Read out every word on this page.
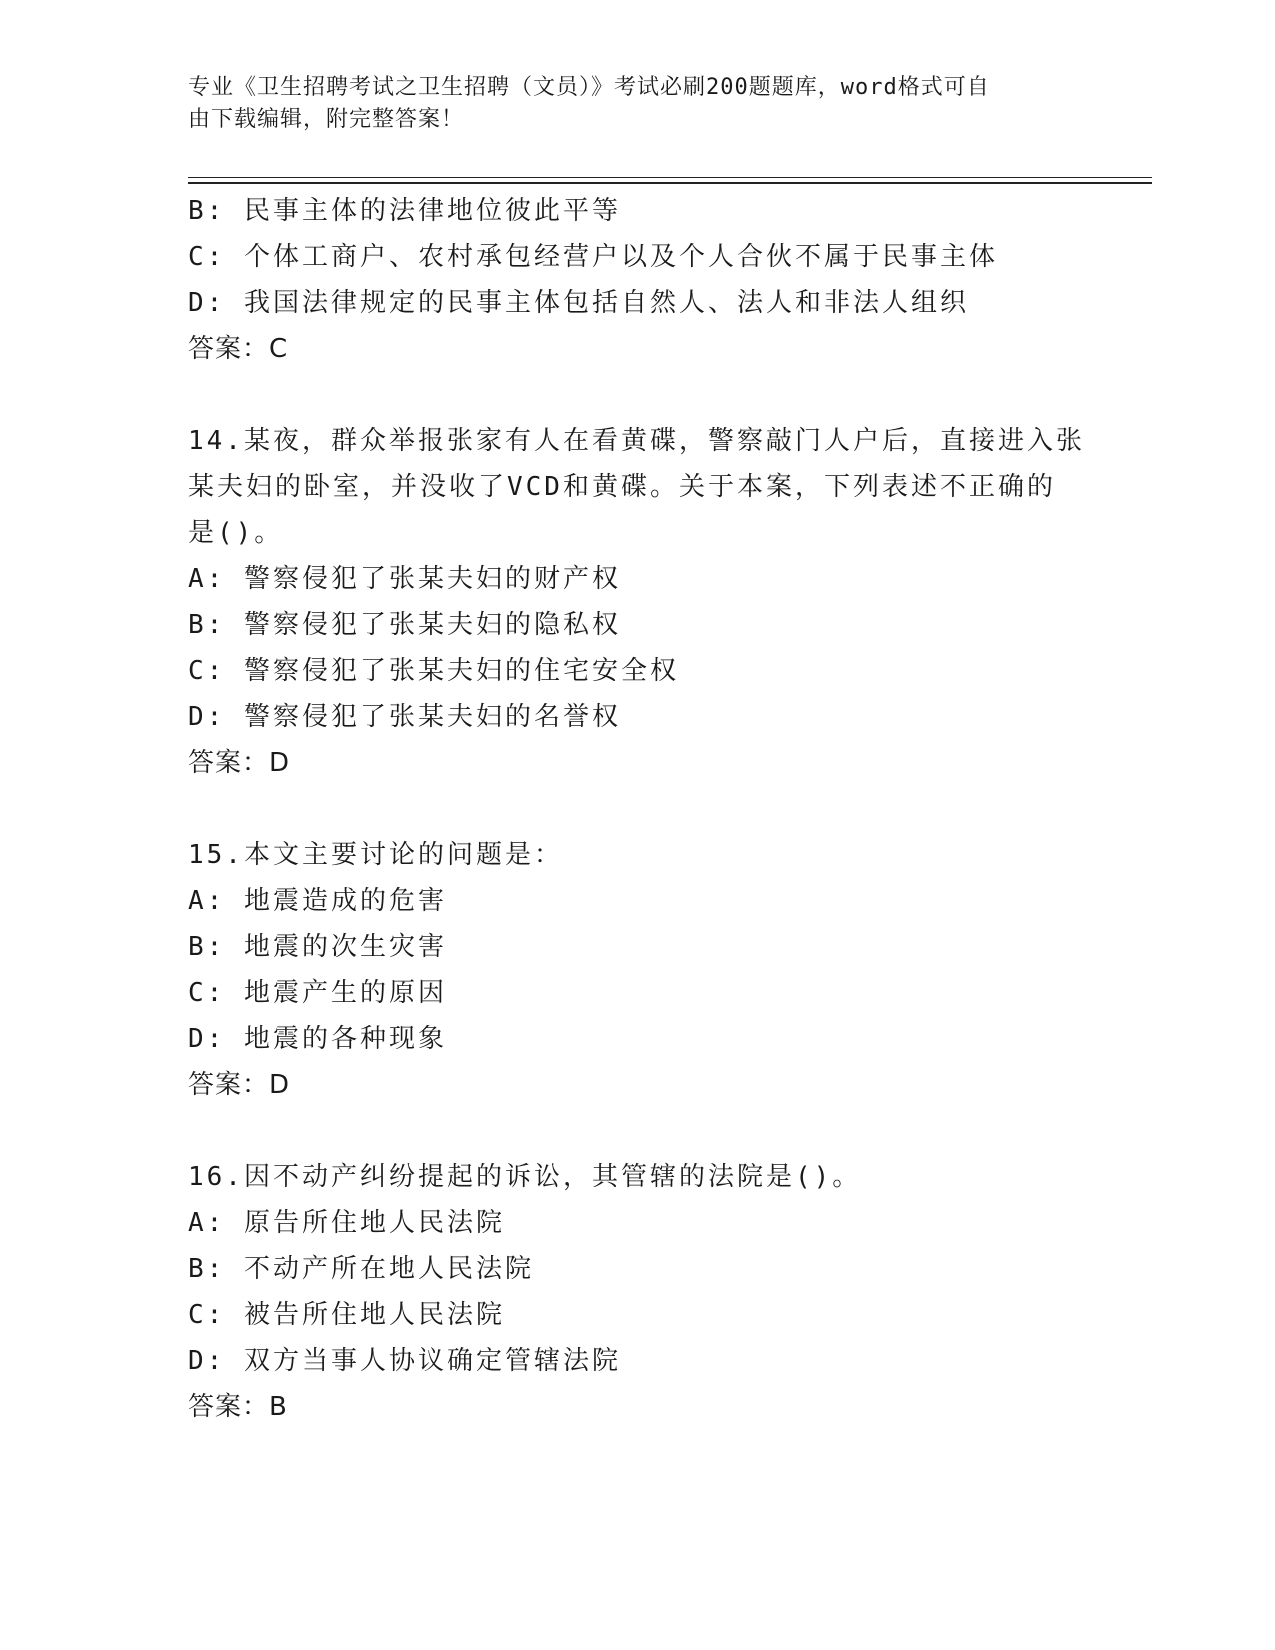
专业《卫生招聘考试之卫生招聘（文员）》考试必刷200题题库，word格式可自
由下载编辑，附完整答案！
B: 民事主体的法律地位彼此平等
C: 个体工商户、农村承包经营户以及个人合伙不属于民事主体
D: 我国法律规定的民事主体包括自然人、法人和非法人组织
答案：C
14.某夜，群众举报张家有人在看黄碟，警察敲门人户后，直接进入张
某夫妇的卧室，并没收了VCD和黄碟。关于本案，下列表述不正确的
是()。
A: 警察侵犯了张某夫妇的财产权
B: 警察侵犯了张某夫妇的隐私权
C: 警察侵犯了张某夫妇的住宅安全权
D: 警察侵犯了张某夫妇的名誉权
答案：D
15.本文主要讨论的问题是：
A: 地震造成的危害
B: 地震的次生灾害
C: 地震产生的原因
D: 地震的各种现象
答案：D
16.因不动产纠纷提起的诉讼，其管辖的法院是()。
A: 原告所住地人民法院
B: 不动产所在地人民法院
C: 被告所住地人民法院
D: 双方当事人协议确定管辖法院
答案：B
